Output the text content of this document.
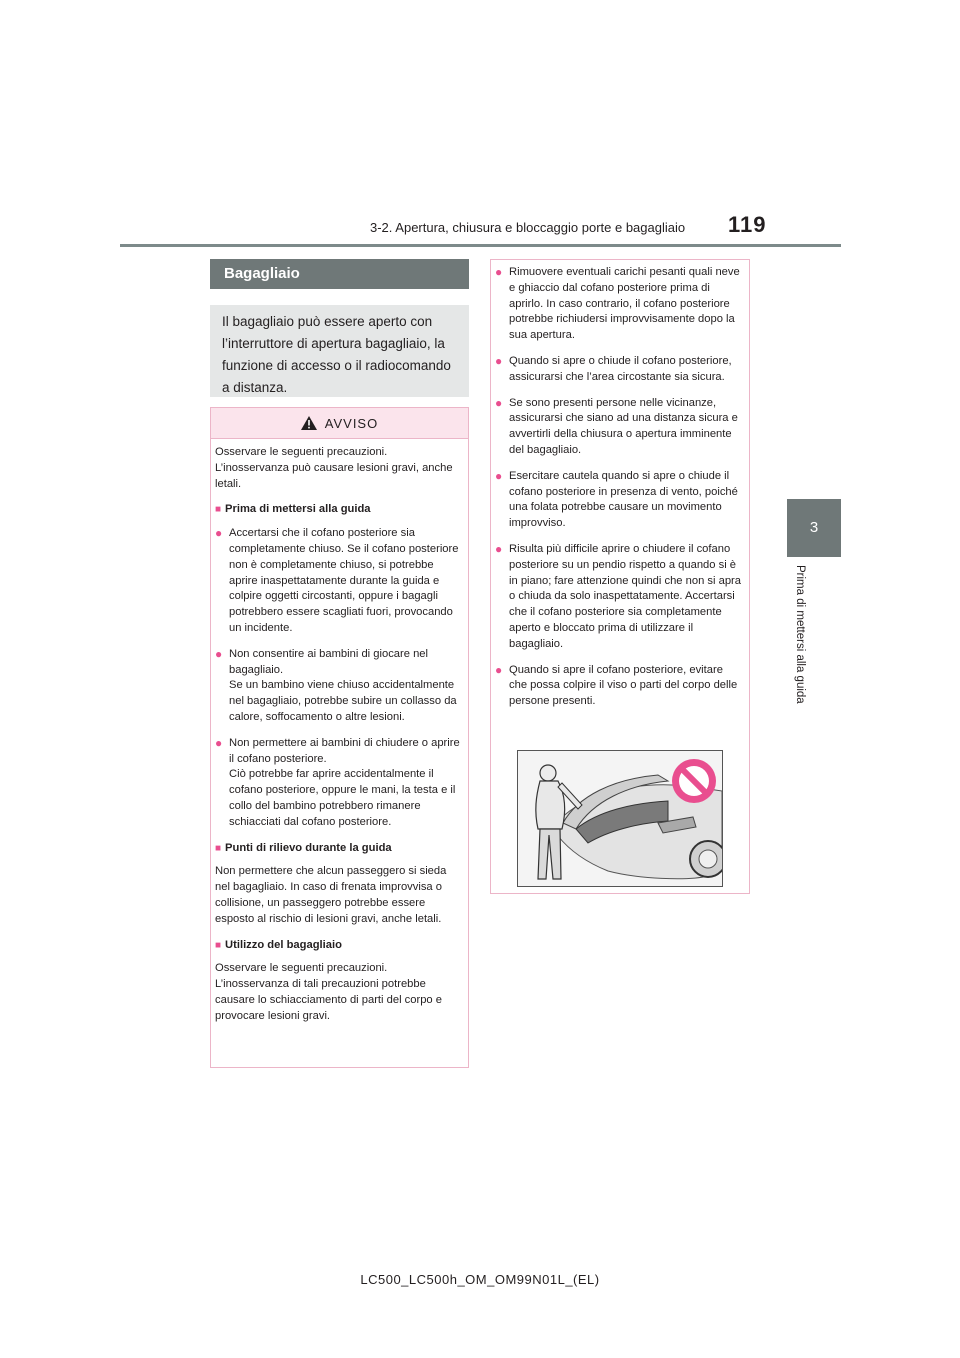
3-2. Apertura, chiusura e bloccaggio porte e bagagliaio 119
3
Prima di mettersi alla guida
Bagagliaio
Il bagagliaio può essere aperto con l’interruttore di apertura bagagliaio, la funzione di accesso o il radiocomando a distanza.
AVVISO

Osservare le seguenti precauzioni.
L’inosservanza può causare lesioni gravi, anche letali.

■ Prima di mettersi alla guida
● Accertarsi che il cofano posteriore sia completamente chiuso. Se il cofano posteriore non è completamente chiuso, si potrebbe aprire inaspettatamente durante la guida e colpire oggetti circostanti, oppure i bagagli potrebbero essere scagliati fuori, provocando un incidente.
● Non consentire ai bambini di giocare nel bagagliaio.
Se un bambino viene chiuso accidentalmente nel bagagliaio, potrebbe subire un collasso da calore, soffocamento o altre lesioni.
● Non permettere ai bambini di chiudere o aprire il cofano posteriore.
Ciò potrebbe far aprire accidentalmente il cofano posteriore, oppure le mani, la testa e il collo del bambino potrebbero rimanere schiacciati dal cofano posteriore.
■ Punti di rilievo durante la guida

Non permettere che alcun passeggero si sieda nel bagagliaio. In caso di frenata improvvisa o collisione, un passeggero potrebbe essere esposto al rischio di lesioni gravi, anche letali.

■ Utilizzo del bagagliaio

Osservare le seguenti precauzioni.
L’inosservanza di tali precauzioni potrebbe causare lo schiacciamento di parti del corpo e provocare lesioni gravi.

● Rimuovere eventuali carichi pesanti quali neve e ghiaccio dal cofano posteriore prima di aprirlo. In caso contrario, il cofano posteriore potrebbe richiudersi improvvisamente dopo la sua apertura.
● Quando si apre o chiude il cofano posteriore, assicurarsi che l’area circostante sia sicura.
● Se sono presenti persone nelle vicinanze, assicurarsi che siano ad una distanza sicura e avvertirli della chiusura o apertura imminente del bagagliaio.
● Esercitare cautela quando si apre o chiude il cofano posteriore in presenza di vento, poiché una folata potrebbe causare un movimento improvviso.
● Risulta più difficile aprire o chiudere il cofano posteriore su un pendio rispetto a quando si è in piano; fare attenzione quindi che non si apra o chiuda da solo inaspettatamente. Accertarsi che il cofano posteriore sia completamente aperto e bloccato prima di utilizzare il bagagliaio.
● Quando si apre il cofano posteriore, evitare che possa colpire il viso o parti del corpo delle persone presenti.
LC500_LC500h_OM_OM99N01L_(EL)
